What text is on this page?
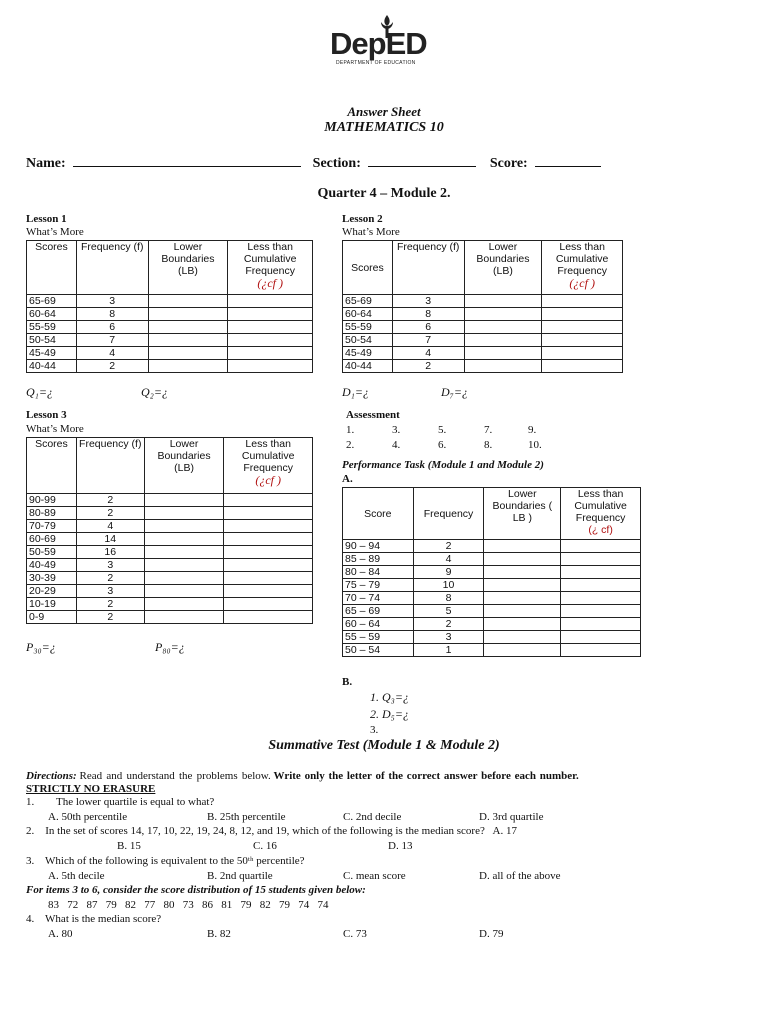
DepED
DEPARTMENT OF EDUCATION
Answer Sheet
MATHEMATICS 10
Name:	Section:	Score:
Quarter 4 – Module 2.
Lesson 1
What’s More
Scores	Frequency (f)	Lower Boundaries (LB)	Less than Cumulative Frequency
(¿cf )
65-69	3		
60-64	8		
55-59	6		
50-54	7		
45-49	4		
40-44	2		
Q₁=¿	Q₂=¿
Lesson 2
What’s More
Scores	Frequency (f)	Lower Boundaries (LB)	Less than Cumulative Frequency
(¿cf )
65-69	3		
60-64	8		
55-59	6		
50-54	7		
45-49	4		
40-44	2		
D₁=¿	D₇=¿
Lesson 3
What’s More
Scores	Frequency (f)	Lower Boundaries (LB)	Less than Cumulative Frequency
(¿cf )
90-99	2		
80-89	2		
70-79	4		
60-69	14		
50-59	16		
40-49	3		
30-39	2		
20-29	3		
10-19	2		
0-9	2		
P₃₀=¿	P₈₀=¿
Assessment
1.	3.	5.	7.	9.
2.	4.	6.	8.	10.
Performance Task (Module 1 and Module 2)
A.
Score	Frequency	Lower Boundaries ( LB )	Less than Cumulative Frequency
(¿ cf)
90 – 94	2		
85 – 89	4		
80 – 84	9		
75 – 79	10		
70 – 74	8		
65 – 69	5		
60 – 64	2		
55 – 59	3		
50 – 54	1		
B.
1. Q₃=¿
2. D₅=¿
3.
Summative Test (Module 1 & Module 2)
Directions: Read and understand the problems below. Write only the letter of the correct answer before each number.
STRICTLY NO ERASURE
1.        The lower quartile is equal to what?
A. 50th percentile	B. 25th percentile	C. 2nd decile	D. 3rd quartile
2.    In the set of scores 14, 17, 10, 22, 19, 24, 8, 12, and 19, which of the following is the median score?   A. 17
B. 15	C. 16	D. 13
3.    Which of the following is equivalent to the 50ᵗʰ percentile?
A. 5th decile	B. 2nd quartile	C. mean score	D. all of the above
For items 3 to 6, consider the score distribution of 15 students given below:
83   72   87   79   82   77   80   73   86   81   79   82   79   74   74
4.    What is the median score?
A. 80	B. 82	C. 73	D. 79
